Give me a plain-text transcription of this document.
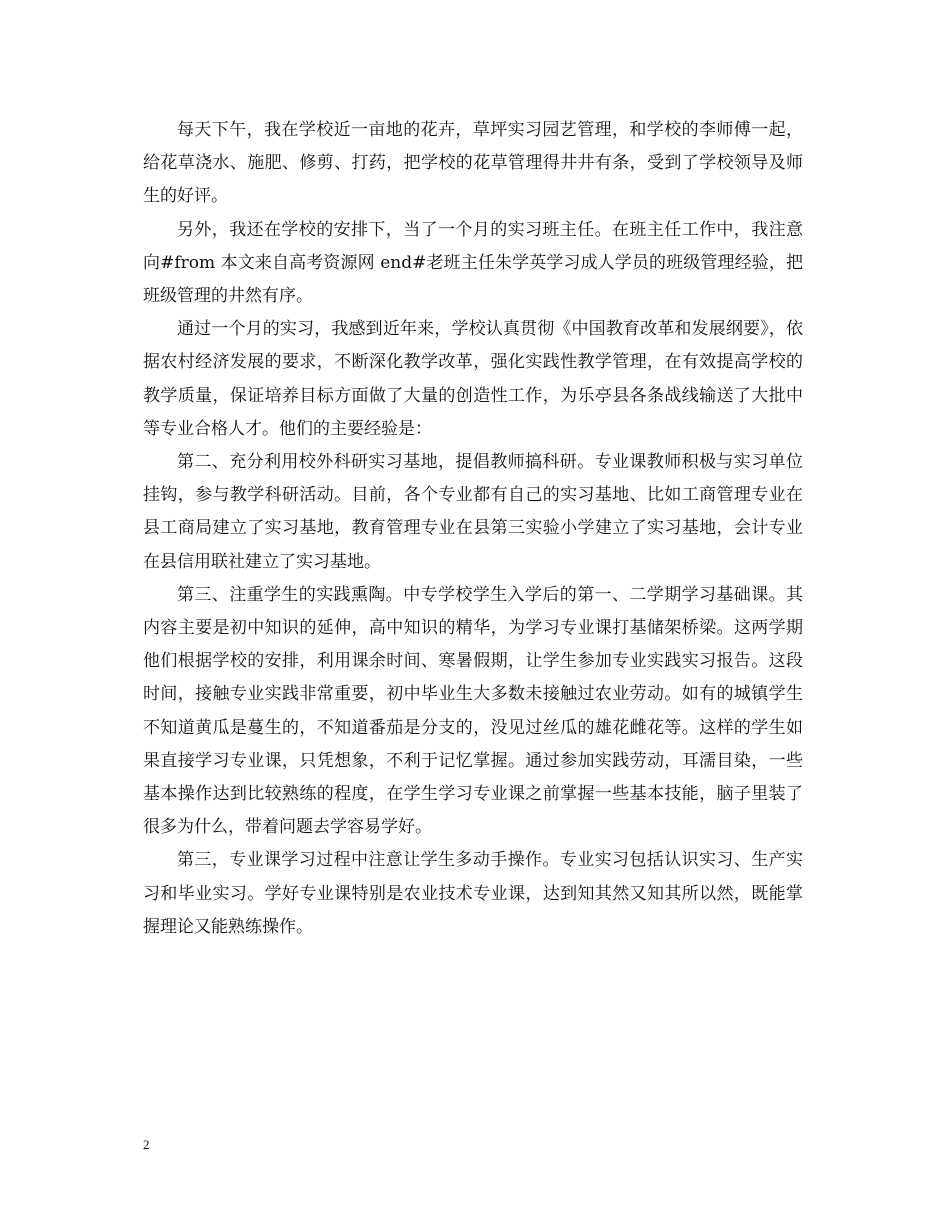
每天下午，我在学校近一亩地的花卉，草坪实习园艺管理，和学校的李师傅一起，给花草浇水、施肥、修剪、打药，把学校的花草管理得井井有条，受到了学校领导及师生的好评。

另外，我还在学校的安排下，当了一个月的实习班主任。在班主任工作中，我注意向#from 本文来自高考资源网 end#老班主任朱学英学习成人学员的班级管理经验，把班级管理的井然有序。

通过一个月的实习，我感到近年来，学校认真贯彻《中国教育改革和发展纲要》，依据农村经济发展的要求，不断深化教学改革，强化实践性教学管理，在有效提高学校的教学质量，保证培养目标方面做了大量的创造性工作，为乐亭县各条战线输送了大批中等专业合格人才。他们的主要经验是：

第二、充分利用校外科研实习基地，提倡教师搞科研。专业课教师积极与实习单位挂钩，参与教学科研活动。目前，各个专业都有自己的实习基地、比如工商管理专业在县工商局建立了实习基地，教育管理专业在县第三实验小学建立了实习基地，会计专业在县信用联社建立了实习基地。

第三、注重学生的实践熏陶。中专学校学生入学后的第一、二学期学习基础课。其内容主要是初中知识的延伸，高中知识的精华，为学习专业课打基储架桥梁。这两学期他们根据学校的安排，利用课余时间、寒暑假期，让学生参加专业实践实习报告。这段时间，接触专业实践非常重要，初中毕业生大多数未接触过农业劳动。如有的城镇学生不知道黄瓜是蔓生的，不知道番茄是分支的，没见过丝瓜的雄花雌花等。这样的学生如果直接学习专业课，只凭想象，不利于记忆掌握。通过参加实践劳动，耳濡目染，一些基本操作达到比较熟练的程度，在学生学习专业课之前掌握一些基本技能，脑子里装了很多为什么，带着问题去学容易学好。

第三，专业课学习过程中注意让学生多动手操作。专业实习包括认识实习、生产实习和毕业实习。学好专业课特别是农业技术专业课，达到知其然又知其所以然，既能掌握理论又能熟练操作。

2
